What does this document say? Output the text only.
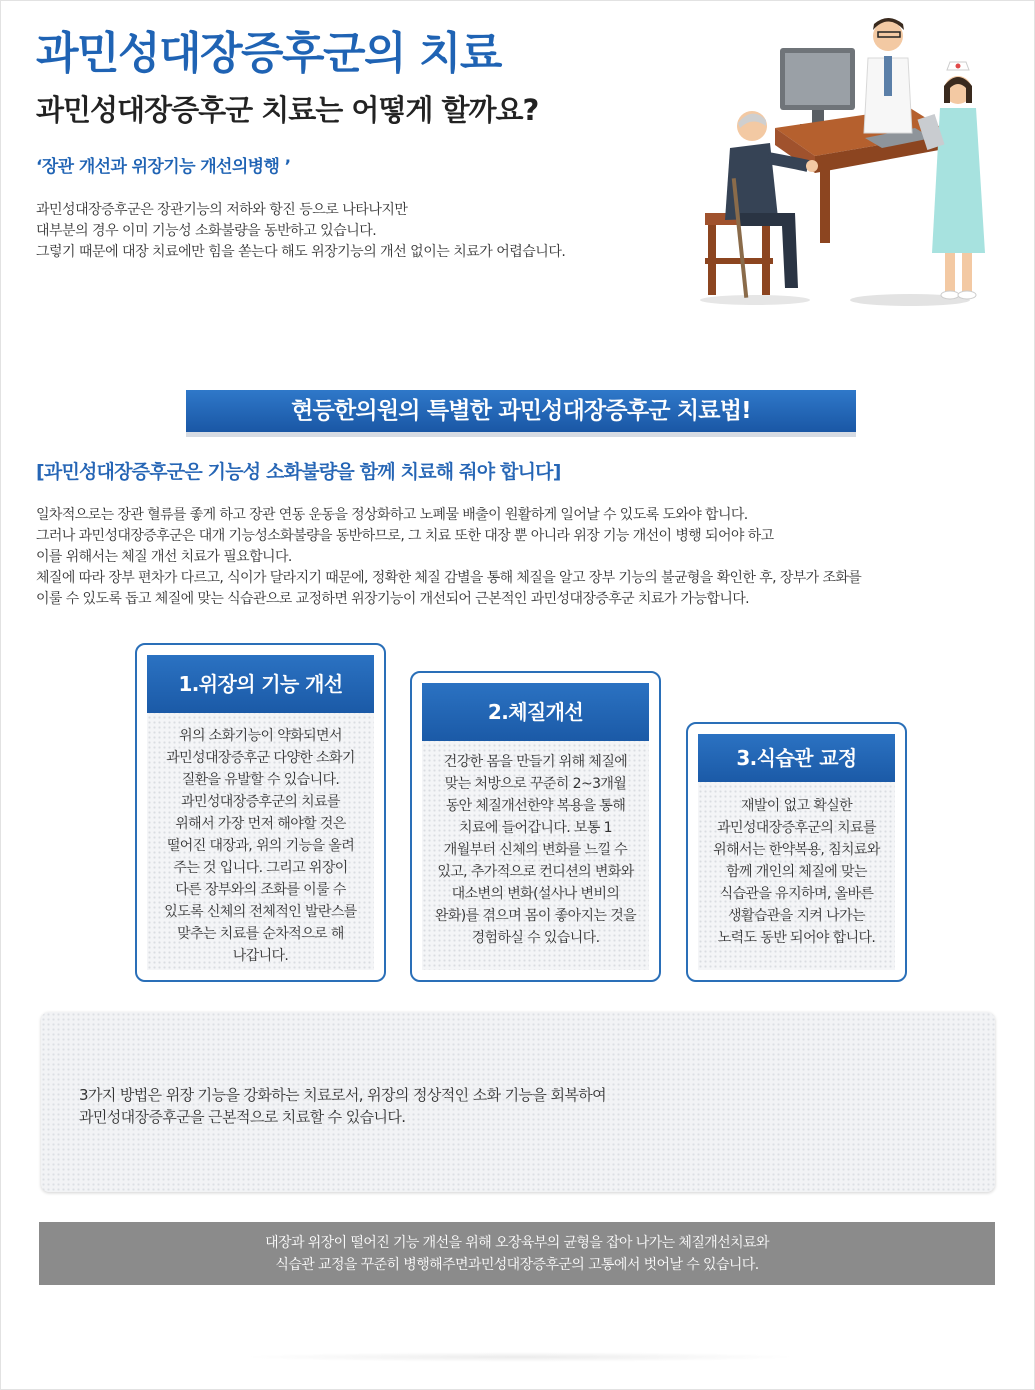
과민성대장증후군의 치료
과민성대장증후군 치료는 어떻게 할까요?
‘장관 개선과 위장기능 개선의병행 ’
과민성대장증후군은 장관기능의 저하와 항진 등으로 나타나지만
대부분의 경우 이미 기능성 소화불량을 동반하고 있습니다.
그렇기 때문에 대장 치료에만 힘을 쏟는다 해도 위장기능의 개선 없이는 치료가 어렵습니다.
현등한의원의 특별한 과민성대장증후군 치료법!
[과민성대장증후군은 기능성 소화불량을 함께 치료해 줘야 합니다]
일차적으로는 장관 혈류를 좋게 하고 장관 연동 운동을 정상화하고 노폐물 배출이 원활하게 일어날 수 있도록 도와야 합니다.
그러나 과민성대장증후군은 대개 기능성소화불량을 동반하므로, 그 치료 또한 대장 뿐 아니라 위장 기능 개선이 병행 되어야 하고
이를 위해서는 체질 개선 치료가 필요합니다.
체질에 따라 장부 편차가 다르고, 식이가 달라지기 때문에, 정확한 체질 감별을 통해 체질을 알고 장부 기능의 불균형을 확인한 후, 장부가 조화를
이룰 수 있도록 돕고 체질에 맞는 식습관으로 교정하면 위장기능이 개선되어 근본적인 과민성대장증후군 치료가 가능합니다.
1.위장의 기능 개선
위의 소화기능이 약화되면서
과민성대장증후군 다양한 소화기
질환을 유발할 수 있습니다.
과민성대장증후군의 치료를
위해서 가장 먼저 해야할 것은
떨어진 대장과, 위의 기능을 올려
주는 것 입니다. 그리고 위장이
다른 장부와의 조화를 이룰 수
있도록 신체의 전체적인 발란스를
맞추는 치료를 순차적으로 해
나갑니다.
2.체질개선
건강한 몸을 만들기 위해 체질에
맞는 처방으로 꾸준히 2~3개월
동안 체질개선한약 복용을 통해
치료에 들어갑니다. 보통 1
개월부터 신체의 변화를 느낄 수
있고, 추가적으로 컨디션의 변화와
대소변의 변화(설사나 변비의
완화)를 겪으며 몸이 좋아지는 것을
경험하실 수 있습니다.
3.식습관 교정
재발이 없고 확실한
과민성대장증후군의 치료를
위해서는 한약복용, 침치료와
함께 개인의 체질에 맞는
식습관을 유지하며, 올바른
생활습관을 지켜 나가는
노력도 동반 되어야 합니다.
3가지 방법은 위장 기능을 강화하는 치료로서, 위장의 정상적인 소화 기능을 회복하여
과민성대장증후군을 근본적으로 치료할 수 있습니다.
대장과 위장이 떨어진 기능 개선을 위해 오장육부의 균형을 잡아 나가는 체질개선치료와
식습관 교정을 꾸준히 병행해주면과민성대장증후군의 고통에서 벗어날 수 있습니다.
